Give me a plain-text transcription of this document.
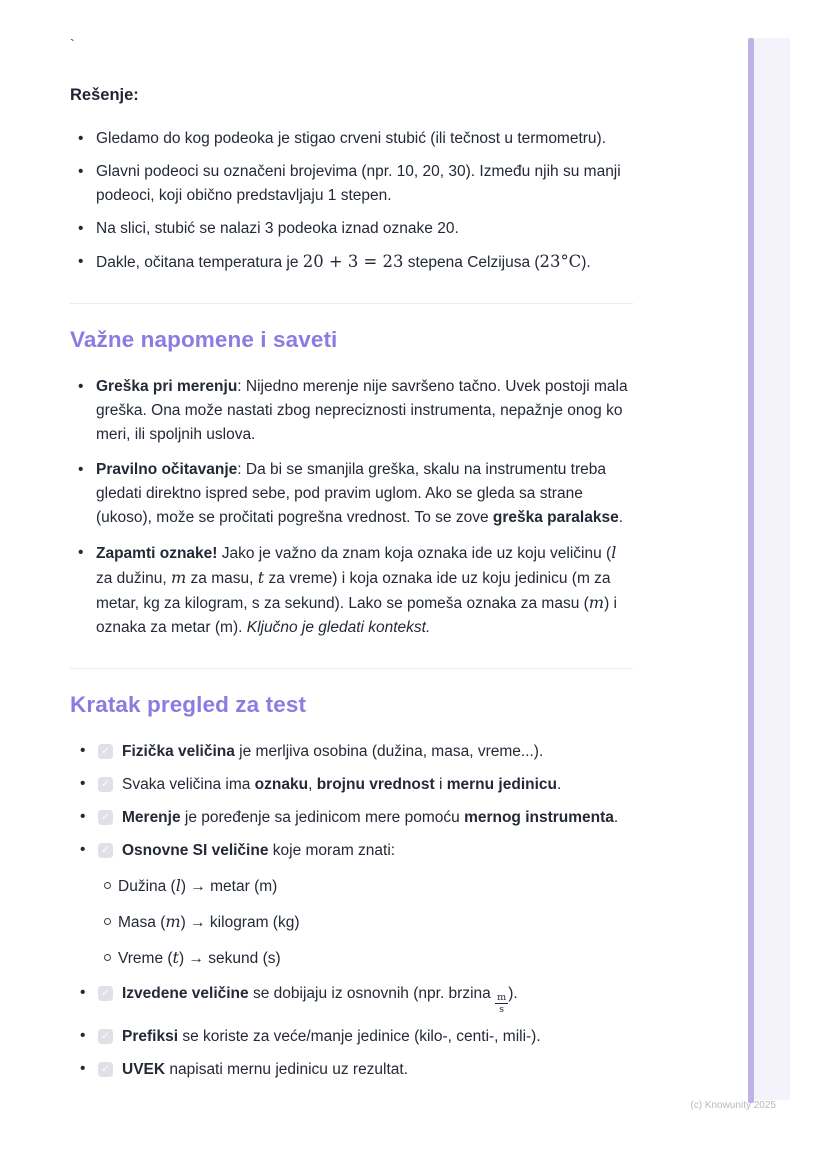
`
Rešenje:
• Gledamo do kog podeoka je stigao crveni stubić (ili tečnost u termometru).
• Glavni podeoci su označeni brojevima (npr. 10, 20, 30). Između njih su manji podeoci, koji obično predstavljaju 1 stepen.
• Na slici, stubić se nalazi 3 podeoka iznad oznake 20.
• Dakle, očitana temperatura je 20 + 3 = 23 stepena Celzijusa (23°C).
Važne napomene i saveti
• Greška pri merenju: Nijedno merenje nije savršeno tačno. Uvek postoji mala greška. Ona može nastati zbog nepreciznosti instrumenta, nepažnje onog ko meri, ili spoljnih uslova.
• Pravilno očitavanje: Da bi se smanjila greška, skalu na instrumentu treba gledati direktno ispred sebe, pod pravim uglom. Ako se gleda sa strane (ukoso), može se pročitati pogrešna vrednost. To se zove greška paralakse.
• Zapamti oznake! Jako je važno da znam koja oznaka ide uz koju veličinu (l za dužinu, m za masu, t za vreme) i koja oznaka ide uz koju jedinicu (m za metar, kg za kilogram, s za sekund). Lako se pomeša oznaka za masu (m) i oznaka za metar (m). Ključno je gledati kontekst.
Kratak pregled za test
• ✓ Fizička veličina je merljiva osobina (dužina, masa, vreme...).
• ✓ Svaka veličina ima oznaku, brojnu vrednost i mernu jedinicu.
• ✓ Merenje je poređenje sa jedinicom mere pomoću mernog instrumenta.
• ✓ Osnovne SI veličine koje moram znati:
Dužina (l) → metar (m)
Masa (m) → kilogram (kg)
Vreme (t) → sekund (s)
• ✓ Izvedene veličine se dobijaju iz osnovnih (npr. brzina $\frac{m}{s}$ ).
• ✓ Prefiksi se koriste za veće/manje jedinice (kilo-, centi-, mili-).
• ✓ UVEK napisati mernu jedinicu uz rezultat.
(c) Knowunity 2025
